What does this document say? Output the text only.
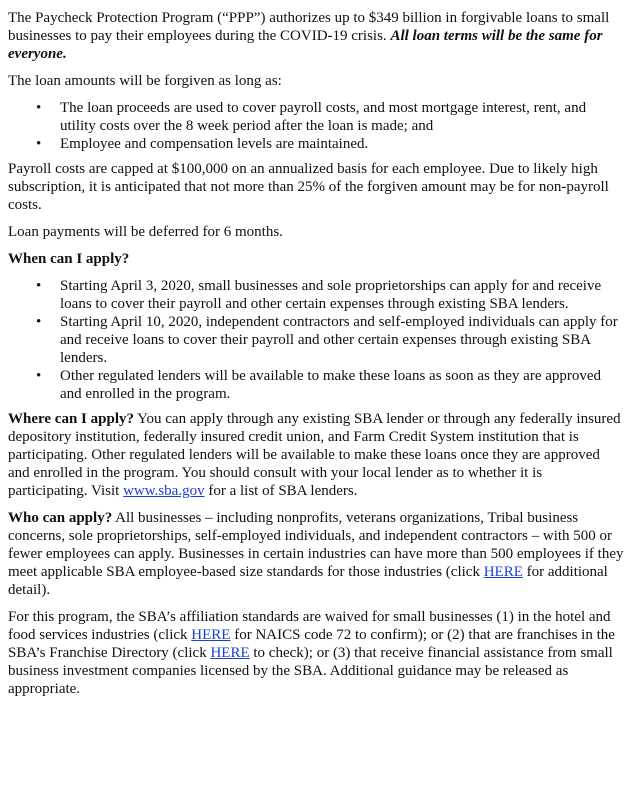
The Paycheck Protection Program (“PPP”) authorizes up to $349 billion in forgivable loans to small businesses to pay their employees during the COVID-19 crisis. All loan terms will be the same for everyone.

The loan amounts will be forgiven as long as:

• The loan proceeds are used to cover payroll costs, and most mortgage interest, rent, and utility costs over the 8 week period after the loan is made; and
• Employee and compensation levels are maintained.

Payroll costs are capped at $100,000 on an annualized basis for each employee. Due to likely high subscription, it is anticipated that not more than 25% of the forgiven amount may be for non-payroll costs.

Loan payments will be deferred for 6 months.

When can I apply?

• Starting April 3, 2020, small businesses and sole proprietorships can apply for and receive loans to cover their payroll and other certain expenses through existing SBA lenders.
• Starting April 10, 2020, independent contractors and self-employed individuals can apply for and receive loans to cover their payroll and other certain expenses through existing SBA lenders.
• Other regulated lenders will be available to make these loans as soon as they are approved and enrolled in the program.

Where can I apply? You can apply through any existing SBA lender or through any federally insured depository institution, federally insured credit union, and Farm Credit System institution that is participating. Other regulated lenders will be available to make these loans once they are approved and enrolled in the program. You should consult with your local lender as to whether it is participating. Visit www.sba.gov for a list of SBA lenders.

Who can apply? All businesses – including nonprofits, veterans organizations, Tribal business concerns, sole proprietorships, self-employed individuals, and independent contractors – with 500 or fewer employees can apply. Businesses in certain industries can have more than 500 employees if they meet applicable SBA employee-based size standards for those industries (click HERE for additional detail).

For this program, the SBA’s affiliation standards are waived for small businesses (1) in the hotel and food services industries (click HERE for NAICS code 72 to confirm); or (2) that are franchises in the SBA’s Franchise Directory (click HERE to check); or (3) that receive financial assistance from small business investment companies licensed by the SBA. Additional guidance may be released as appropriate.
